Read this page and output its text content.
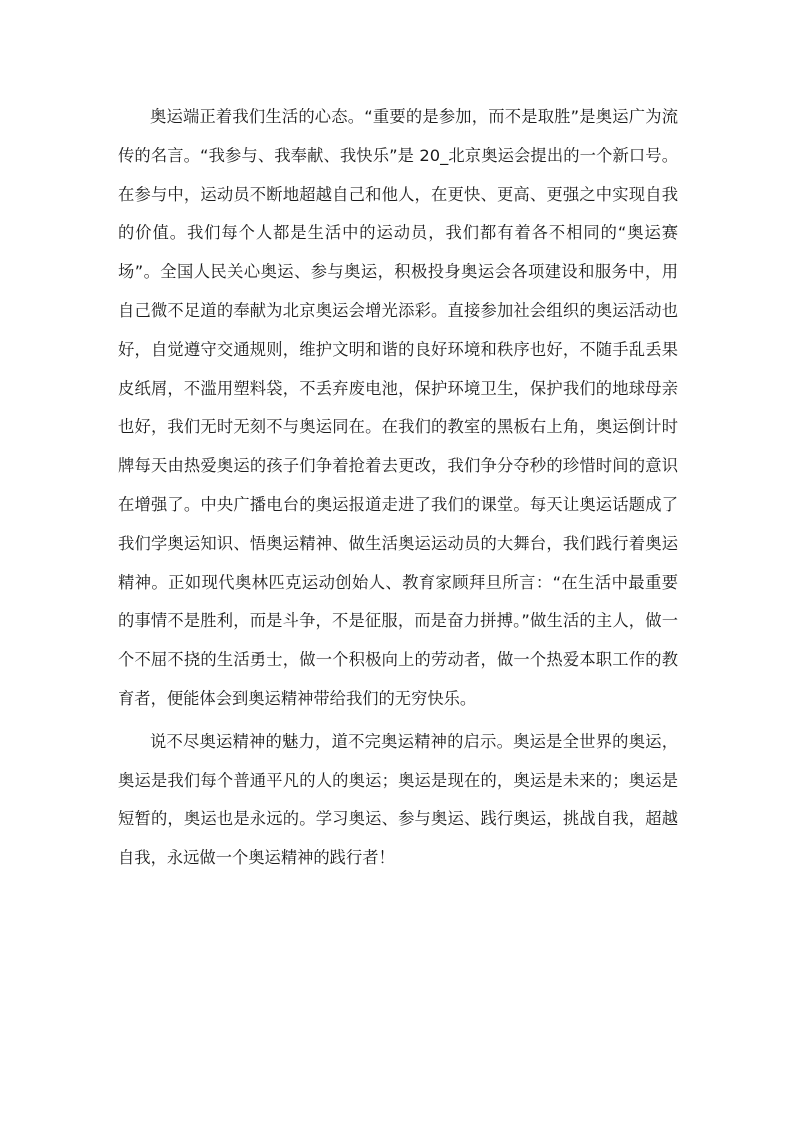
奥运端正着我们生活的心态。“重要的是参加，而不是取胜”是奥运广为流传的名言。“我参与、我奉献、我快乐”是 20_北京奥运会提出的一个新口号。在参与中，运动员不断地超越自己和他人，在更快、更高、更强之中实现自我的价值。我们每个人都是生活中的运动员，我们都有着各不相同的“奥运赛场”。全国人民关心奥运、参与奥运，积极投身奥运会各项建设和服务中，用自己微不足道的奉献为北京奥运会增光添彩。直接参加社会组织的奥运活动也好，自觉遵守交通规则，维护文明和谐的良好环境和秩序也好，不随手乱丢果皮纸屑，不滥用塑料袋，不丢弃废电池，保护环境卫生，保护我们的地球母亲也好，我们无时无刻不与奥运同在。在我们的教室的黑板右上角，奥运倒计时牌每天由热爱奥运的孩子们争着抢着去更改，我们争分夺秒的珍惜时间的意识在增强了。中央广播电台的奥运报道走进了我们的课堂。每天让奥运话题成了我们学奥运知识、悟奥运精神、做生活奥运运动员的大舞台，我们践行着奥运精神。正如现代奥林匹克运动创始人、教育家顾拜旦所言：“在生活中最重要的事情不是胜利，而是斗争，不是征服，而是奋力拼搏。”做生活的主人，做一个不屈不挠的生活勇士，做一个积极向上的劳动者，做一个热爱本职工作的教育者，便能体会到奥运精神带给我们的无穷快乐。

说不尽奥运精神的魅力，道不完奥运精神的启示。奥运是全世界的奥运，奥运是我们每个普通平凡的人的奥运；奥运是现在的，奥运是未来的；奥运是短暂的，奥运也是永远的。学习奥运、参与奥运、践行奥运，挑战自我，超越自我，永远做一个奥运精神的践行者！
